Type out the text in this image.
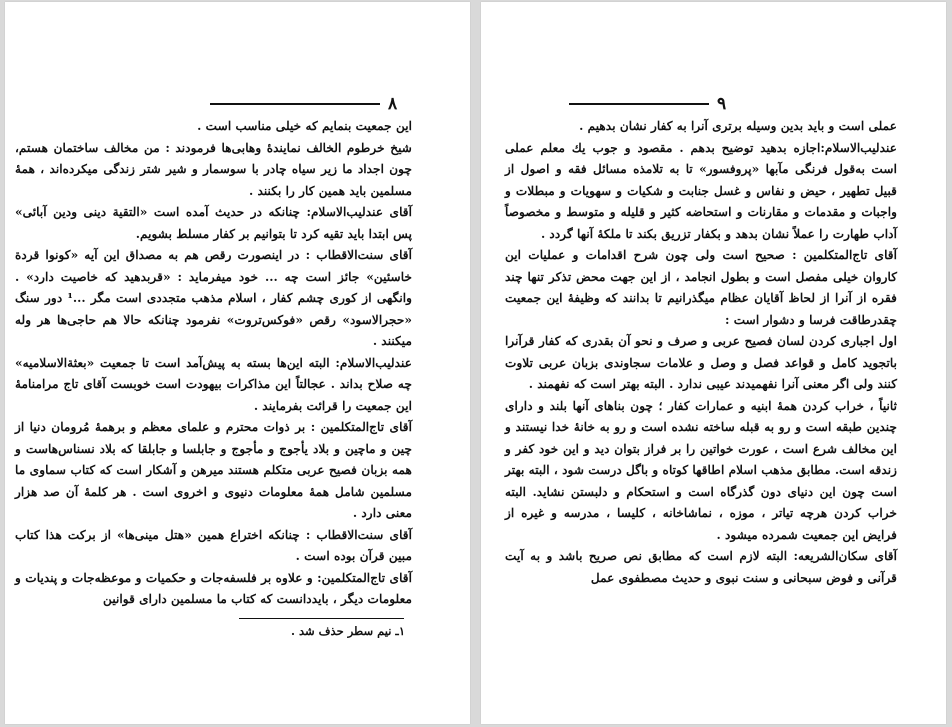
۸

این جمعیت بنمایم که خیلی مناسب است .

شیخ خرطوم الخالف نمایندهٔ وهابی‌ها فرمودند : من مخالف ساختمان هستم، چون اجداد ما زیر سیاه چادر با سوسمار و شیر شتر زندگی میکرده‌اند ، همهٔ مسلمین باید همین کار را بکنند .

آقای عندلیب‌الاسلام: چنانکه در حدیث آمده است «التقیة دینی ودین آبائی» پس ابتدا باید تقیه کرد تا بتوانیم بر کفار مسلط بشویم.

آقای سنت‌الاقطاب : در اینصورت رقص هم به مصداق این آیه «کونوا قردة خاسئین» جائز است چه ... خود میفرماید : «قربدهید که خاصیت دارد» . وانگهی از کوری چشم کفار ، اسلام مذهب متجددی است مگر ...¹ دور سنگ «حجرالاسود» رقص «فوکس‌تروت» نفرمود چنانکه حالا هم حاجی‌ها هر وله میکنند .

عندلیب‌الاسلام: البته این‌ها بسته به پیش‌آمد است تا جمعیت «بعثة‌الاسلامیه» چه صلاح بداند . عجالتاً این مذاکرات بیهودت است خوبست آقای تاج مرامنامهٔ این جمعیت را قرائت بفرمایند .

آقای تاج‌المتکلمین : بر ذوات محترم و علمای معظم و برهمهٔ مُرومان دنیا از چین و ماچین و بلاد یأجوج و مأجوج و جابلسا و جابلقا که بلاد نسناس‌هاست و همه بزبان فصیح عربی متکلم هستند میرهن و آشکار است که کتاب سماوی ما مسلمین شامل همهٔ معلومات دنیوی و اخروی است . هر کلمهٔ آن صد هزار معنی دارد .

آقای سنت‌الاقطاب : چنانکه اختراع همین «هتل مینی‌ها» از برکت هذا کتاب مبین قرآن بوده است .

آقای تاج‌المتکلمین: و علاوه بر فلسفه‌جات و حکمیات و موعظه‌جات و پندیات و معلومات دیگر ، بایددانست که کتاب ما مسلمین دارای قوانین

۱ـ نیم سطر حذف شد .
۹

عملی است و باید بدین وسیله برتری آنرا به کفار نشان بدهیم .

عندلیب‌الاسلام:اجازه بدهید توضیح بدهم . مقصود و جوب یك معلم عملی است به‌قول فرنگی مآبها «پروفسور» تا به تلامذه مسائل فقه و اصول از قبیل تطهیر ، حیض و نفاس و غسل جنابت و شکیات و سهویات و مبطلات و واجبات و مقدمات و مقارنات و استحاضه کثیر و قلیله و متوسط و مخصوصاً آداب طهارت را عملاً نشان بدهد و بکفار تزریق بکند تا ملکهٔ آنها گردد .

آقای تاج‌المتکلمین : صحیح است ولی چون شرح اقدامات و عملیات این کاروان خیلی مفصل است و بطول انجامد ، از این جهت محض تذکر تنها چند فقره از آنرا از لحاظ آقایان عظام میگذرانیم تا بدانند که وظیفهٔ این جمعیت چقدرطاقت فرسا و دشوار است :

اول اجباری کردن لسان فصیح عربی و صرف و نحو آن بقدری که کفار قرآنرا باتجوید کامل و قواعد فصل و وصل و علامات سجاوندی بزبان عربی تلاوت کنند ولی اگر معنی آنرا نفهمیدند عیبی ندارد . البته بهتر است که نفهمند .

ثانیاً ، خراب کردن همهٔ ابنیه و عمارات کفار ؛ چون بناهای آنها بلند و دارای چندین طبقه است و رو به قبله ساخته نشده است و رو به خانهٔ خدا نیستند و این مخالف شرع است ، عورت خواتین را بر فراز بتوان دید و این خود کفر و زندقه است. مطابق مذهب اسلام اطاقها کوتاه و باگل درست شود ، البته بهتر است چون این دنیای دون گذرگاه است و استحکام و دلبستن نشاید. البته خراب کردن هرچه تیاتر ، موزه ، نماشاخانه ، کلیسا ، مدرسه و غیره از فرایض این جمعیت شمرده میشود .

آقای سکان‌الشریعه: البته لازم است که مطابق نص صریح باشد و به آیت قرآنی و فوض سبحانی و سنت نبوی و حدیث مصطفوی عمل
